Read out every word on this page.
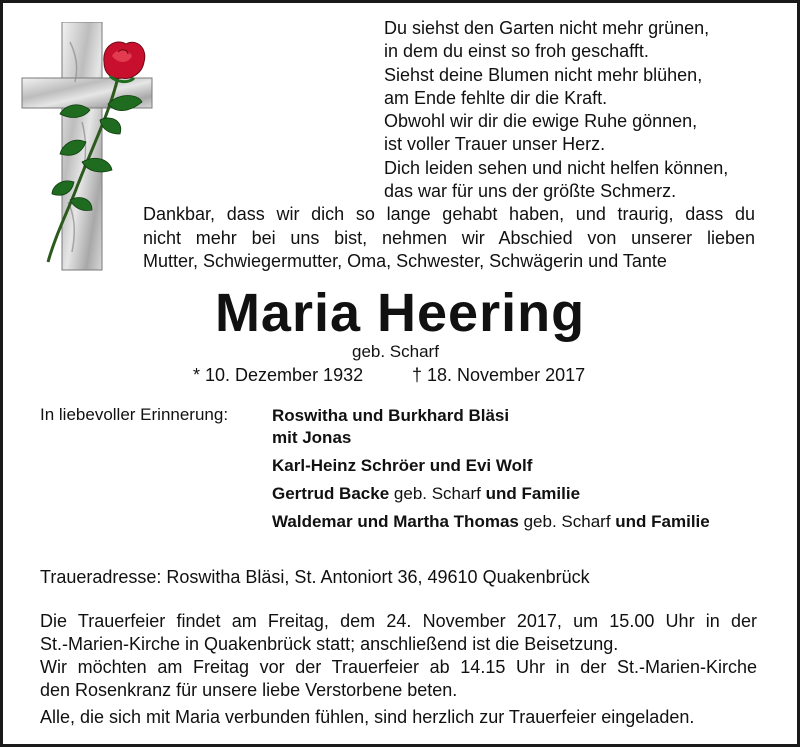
Du siehst den Garten nicht mehr grünen,
in dem du einst so froh geschafft.
Siehst deine Blumen nicht mehr blühen,
am Ende fehlte dir die Kraft.
Obwohl wir dir die ewige Ruhe gönnen,
ist voller Trauer unser Herz.
Dich leiden sehen und nicht helfen können,
das war für uns der größte Schmerz.
Dankbar, dass wir dich so lange gehabt haben, und traurig, dass du
nicht mehr bei uns bist, nehmen wir Abschied von unserer lieben
Mutter, Schwiegermutter, Oma, Schwester, Schwägerin und Tante
Maria Heering
geb. Scharf
* 10. Dezember 1932	† 18. November 2017
In liebevoller Erinnerung:	Roswitha und Burkhard Bläsi
mit Jonas
Karl-Heinz Schröer und Evi Wolf
Gertrud Backe geb. Scharf und Familie
Waldemar und Martha Thomas geb. Scharf und Familie
Traueradresse: Roswitha Bläsi, St. Antoniort 36, 49610 Quakenbrück
Die Trauerfeier findet am Freitag, dem 24. November 2017, um 15.00 Uhr in der
St.-Marien-Kirche in Quakenbrück statt; anschließend ist die Beisetzung.
Wir möchten am Freitag vor der Trauerfeier ab 14.15 Uhr in der St.-Marien-Kirche
den Rosenkranz für unsere liebe Verstorbene beten.
Alle, die sich mit Maria verbunden fühlen, sind herzlich zur Trauerfeier eingeladen.
